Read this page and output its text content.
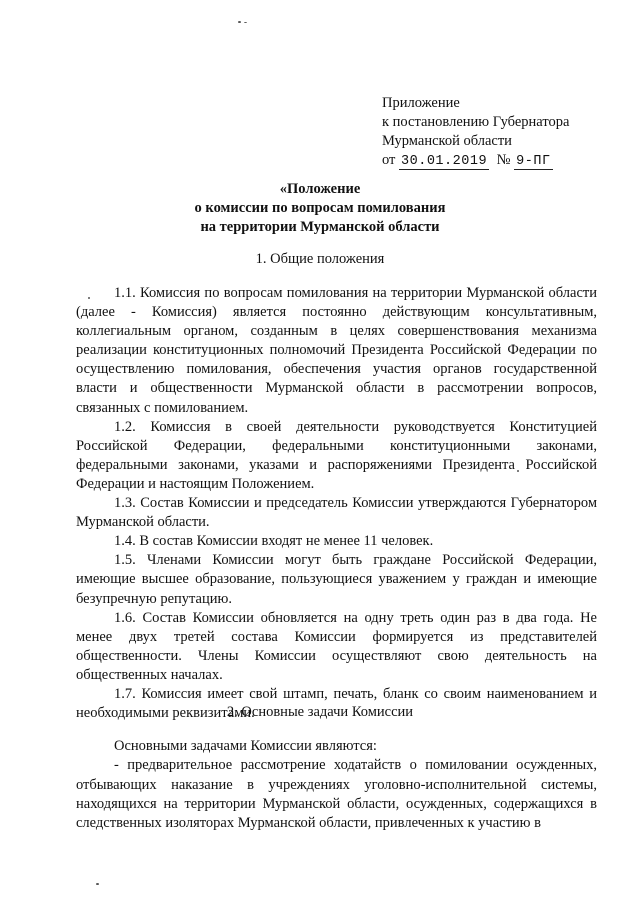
Приложение
к постановлению Губернатора
Мурманской области
от 30.01.2019 № 9-ПГ
«Положение
о комиссии по вопросам помилования
на территории Мурманской области
1. Общие положения

1.1. Комиссия по вопросам помилования на территории Мурманской области (далее - Комиссия) является постоянно действующим консультативным, коллегиальным органом, созданным в целях совершенствования механизма реализации конституционных полномочий Президента Российской Федерации по осуществлению помилования, обеспечения участия органов государственной власти и общественности Мурманской области в рассмотрении вопросов, связанных с помилованием.

1.2. Комиссия в своей деятельности руководствуется Конституцией Российской Федерации, федеральными конституционными законами, федеральными законами, указами и распоряжениями Президента Российской Федерации и настоящим Положением.

1.3. Состав Комиссии и председатель Комиссии утверждаются Губернатором Мурманской области.

1.4. В состав Комиссии входят не менее 11 человек.

1.5. Членами Комиссии могут быть граждане Российской Федерации, имеющие высшее образование, пользующиеся уважением у граждан и имеющие безупречную репутацию.

1.6. Состав Комиссии обновляется на одну треть один раз в два года. Не менее двух третей состава Комиссии формируется из представителей общественности. Члены Комиссии осуществляют свою деятельность на общественных началах.

1.7. Комиссия имеет свой штамп, печать, бланк со своим наименованием и необходимыми реквизитами.

2. Основные задачи Комиссии

Основными задачами Комиссии являются:

- предварительное рассмотрение ходатайств о помиловании осужденных, отбывающих наказание в учреждениях уголовно-исполнительной системы, находящихся на территории Мурманской области, осужденных, содержащихся в следственных изоляторах Мурманской области, привлеченных к участию в
